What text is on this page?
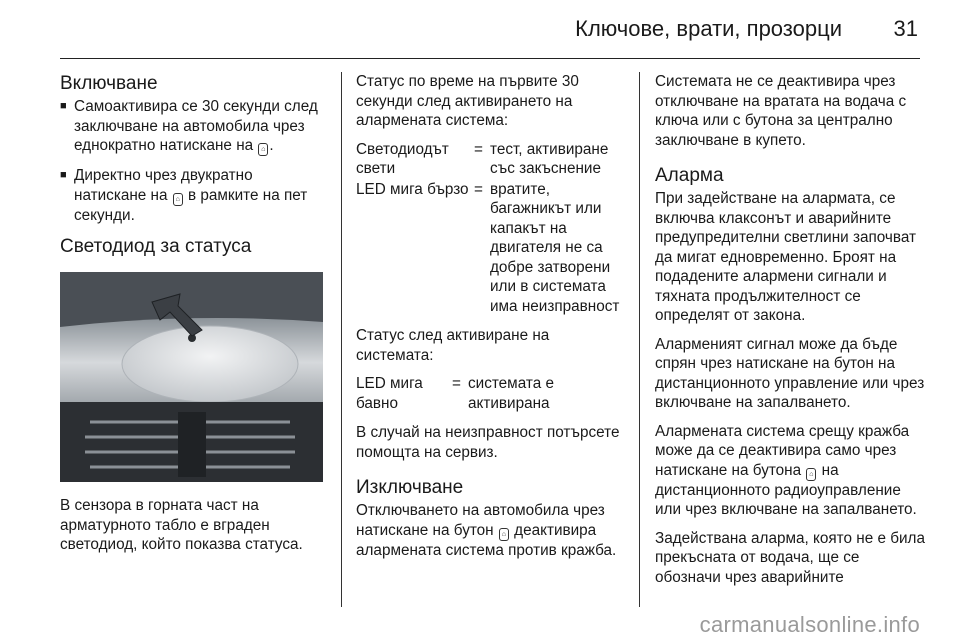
Ключове, врати, прозорци 31
Включване
■ Самоактивира се 30 секунди след заключване на автомобила чрез еднократно натискане на ⌂ .
■ Директно чрез двукратно натискане на ⌂ в рамките на пет секунди.
Светодиод за статуса
В сензора в горната част на арматурното табло е вграден светодиод, който показва статуса.
Статус по време на първите 30 секунди след активирането на алармената система:
Светодиодът свети
= тест, активиране със закъснение
LED мига бързо = вратите, багажникът или капакът на двигателя не са добре затворени или в системата има неизправност
Статус след активиране на системата:
LED мига бавно
= системата е активирана
В случай на неизправност потърсете помощта на сервиз.
Изключване
Отключването на автомобила чрез натискане на бутон ⌂ деактивира алармената система против кражба.
Системата не се деактивира чрез отключване на вратата на водача с ключа или с бутона за централно заключване в купето.
Аларма
При задействане на алармата, се включва клаксонът и аварийните предупредителни светлини започват да мигат едновременно. Броят на подадените алармени сигнали и тяхната продължителност се определят от закона.
Алармeният сигнал може да бъде спрян чрез натискане на бутон на дистанционното управление или чрез включване на запалването.
Алармената система срещу кражба може да се деактивира само чрез натискане на бутона ⌂ на дистанционното радиоуправление или чрез включване на запалването.
Задействана аларма, която не е била прекъсната от водача, ще се обозначи чрез аварийните
carmanualsonline.info
